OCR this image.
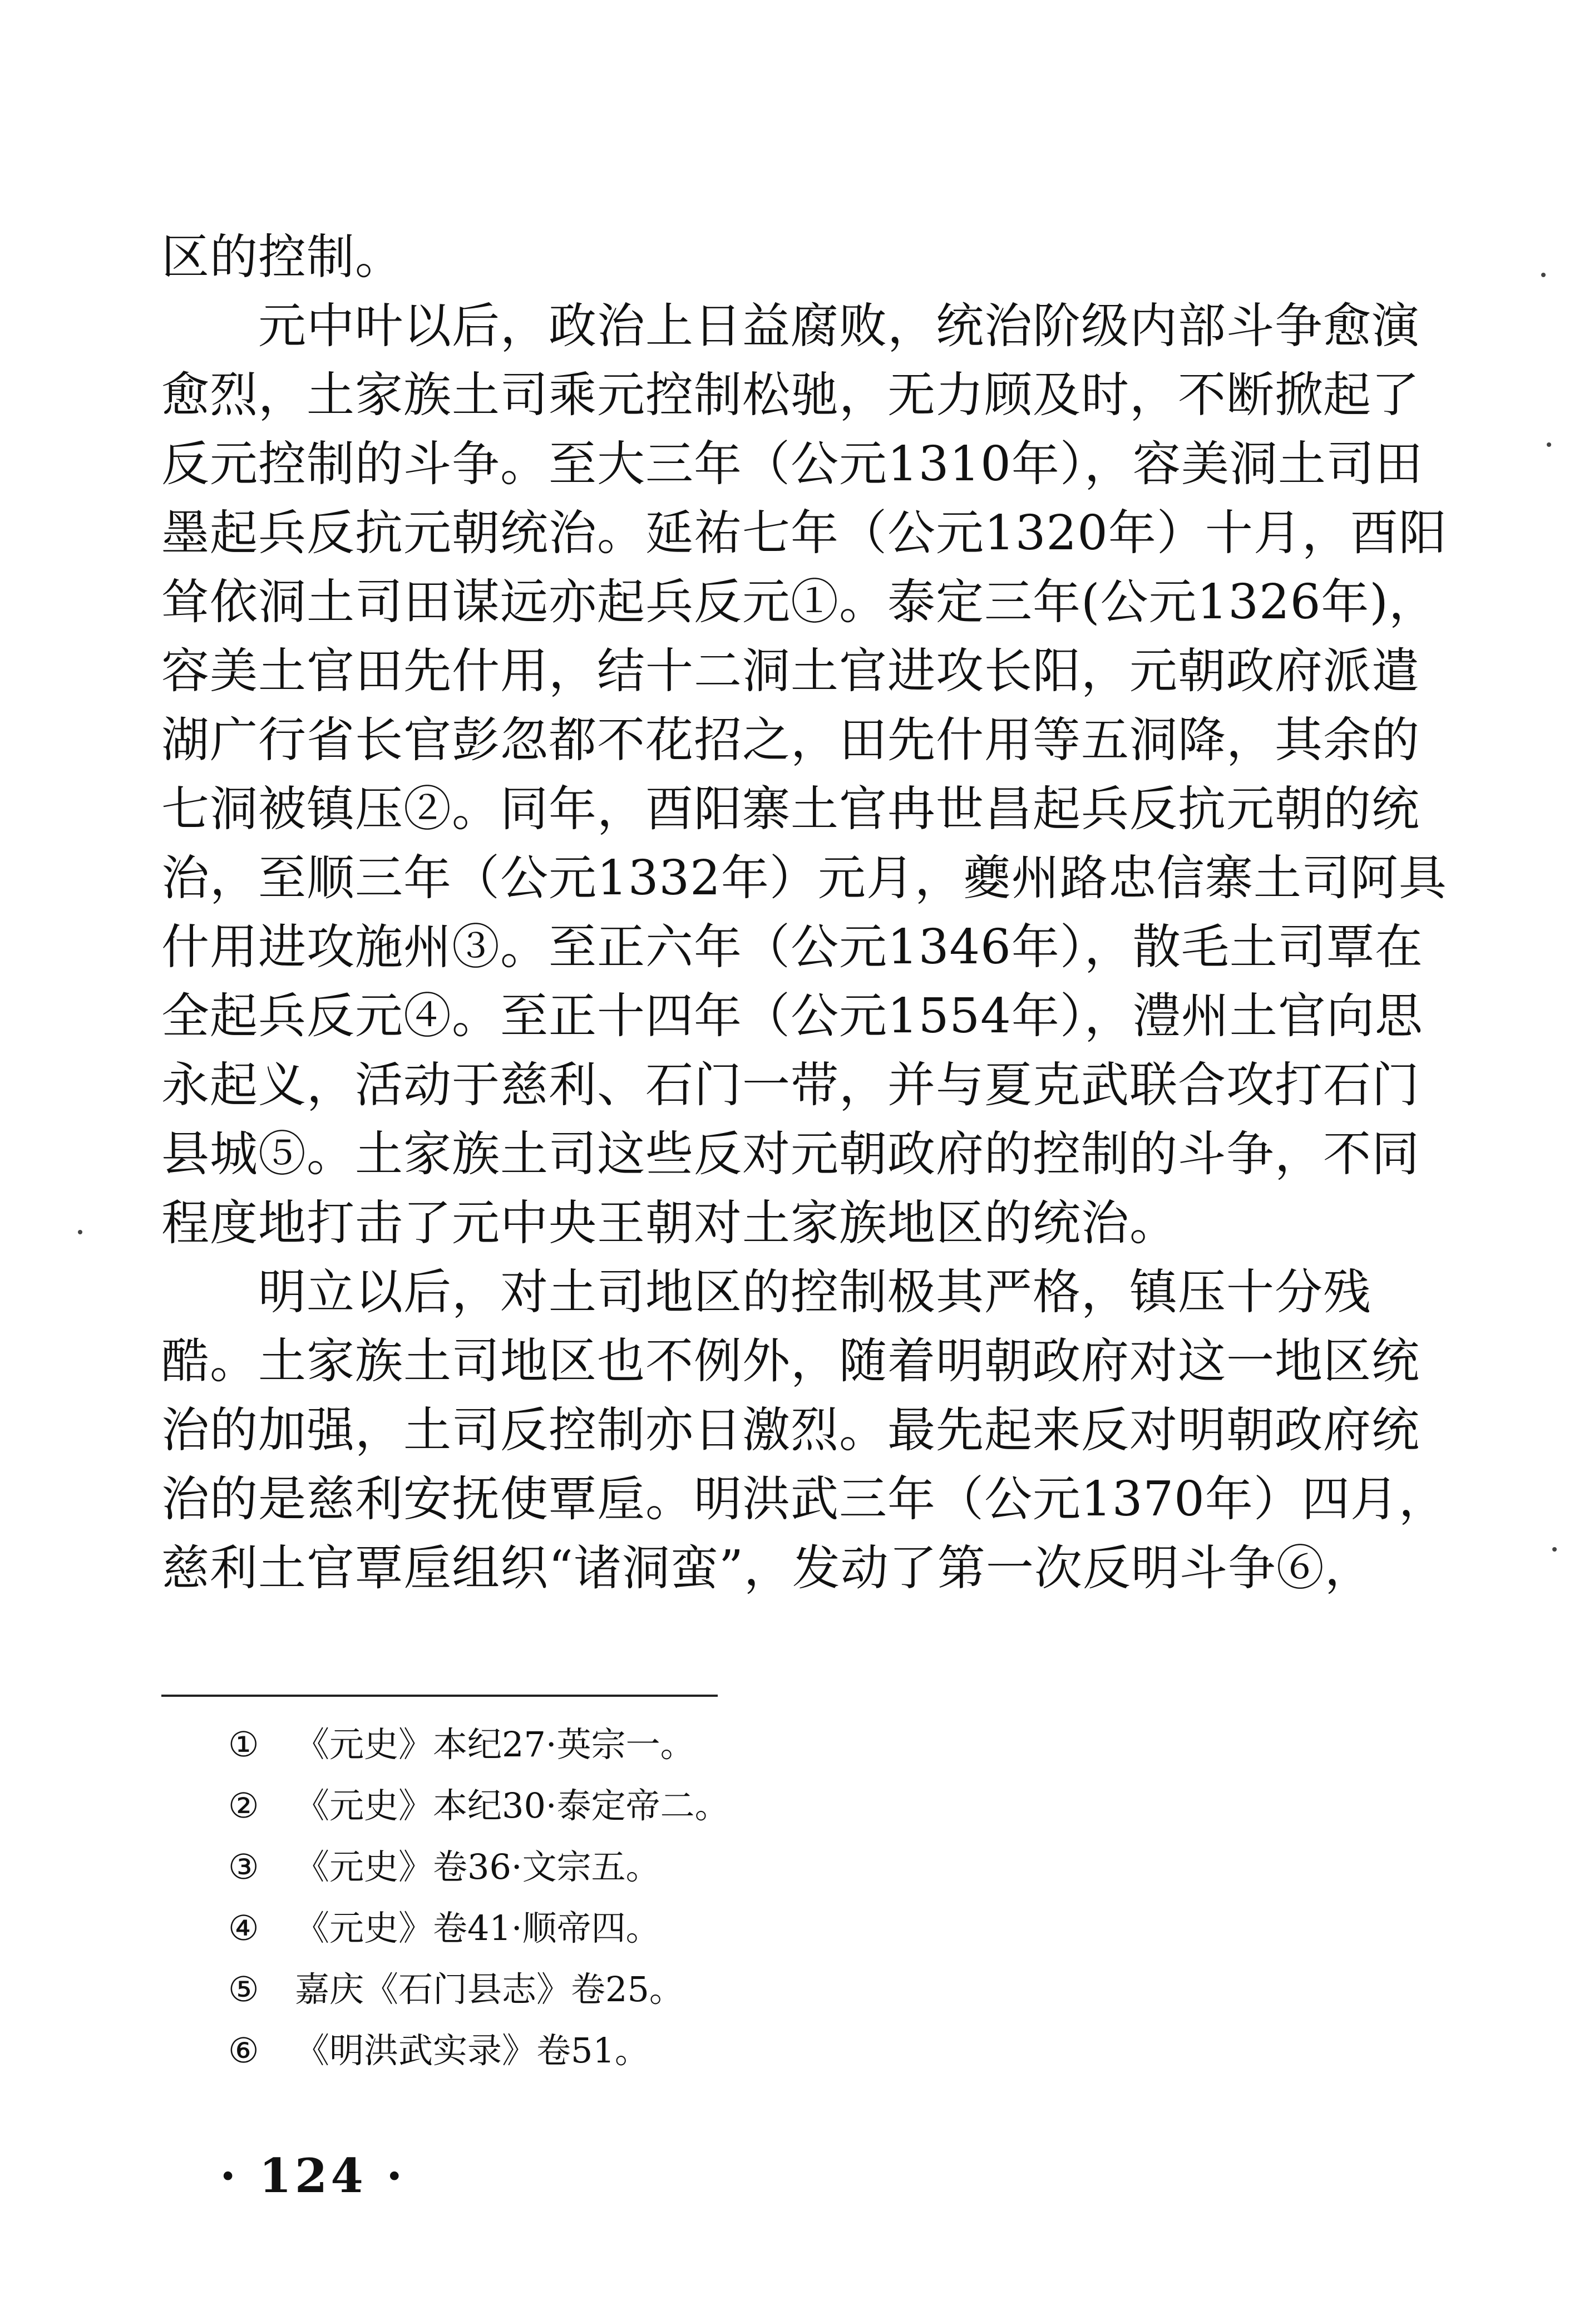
区的控制。
　　元中叶以后，政治上日益腐败，统治阶级内部斗争愈演
愈烈，土家族土司乘元控制松驰，无力顾及时，不断掀起了
反元控制的斗争。至大三年（公元1310年），容美洞土司田
墨起兵反抗元朝统治。延祐七年（公元1320年）十月，酉阳
耸依洞土司田谋远亦起兵反元①。泰定三年(公元1326年)，
容美土官田先什用，结十二洞土官进攻长阳，元朝政府派遣
湖广行省长官彭忽都不花招之，田先什用等五洞降，其余的
七洞被镇压②。同年，酉阳寨土官冉世昌起兵反抗元朝的统
治，至顺三年（公元1332年）元月，夔州路忠信寨土司阿具
什用进攻施州③。至正六年（公元1346年），散毛土司覃在
全起兵反元④。至正十四年（公元1554年），澧州土官向思
永起义，活动于慈利、石门一带，并与夏克武联合攻打石门
县城⑤。土家族土司这些反对元朝政府的控制的斗争，不同
程度地打击了元中央王朝对土家族地区的统治。
　　明立以后，对土司地区的控制极其严格，镇压十分残
酷。土家族土司地区也不例外，随着明朝政府对这一地区统
治的加强，土司反控制亦日激烈。最先起来反对明朝政府统
治的是慈利安抚使覃垕。明洪武三年（公元1370年）四月，
慈利土官覃垕组织“诸洞蛮”，发动了第一次反明斗争⑥，
① 《元史》本纪27·英宗一。
② 《元史》本纪30·泰定帝二。
③ 《元史》卷36·文宗五。
④ 《元史》卷41·顺帝四。
⑤ 嘉庆《石门县志》卷25。
⑥ 《明洪武实录》卷51。
· 124 ·
